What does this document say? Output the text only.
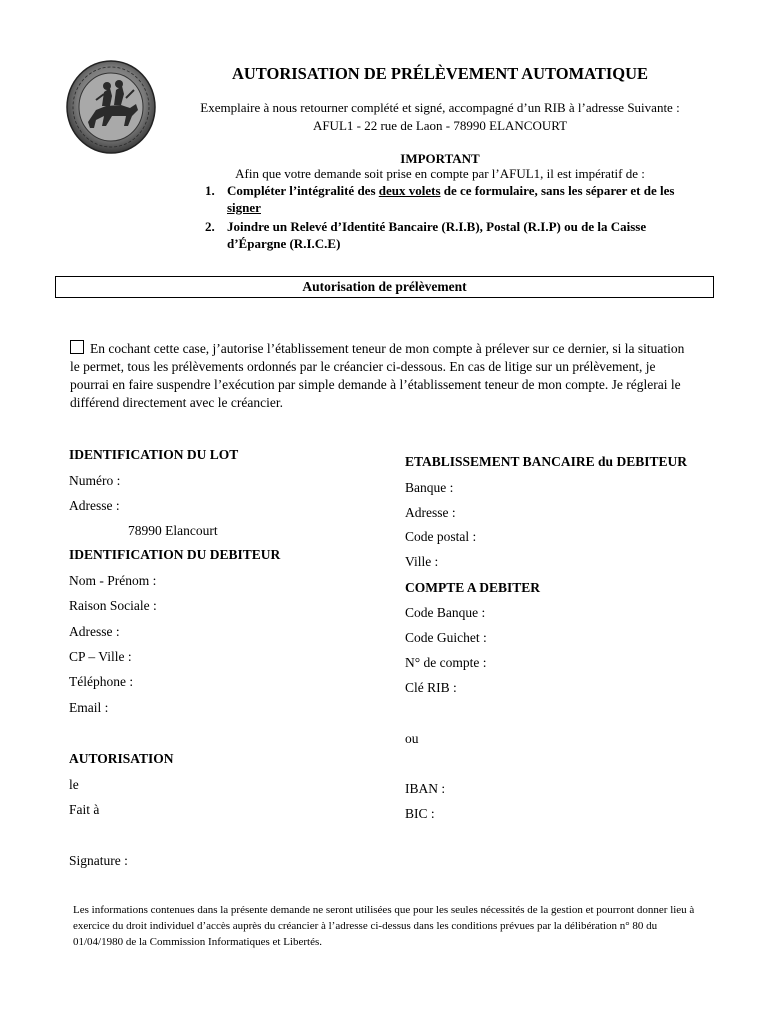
AUTORISATION DE PRÉLÈVEMENT AUTOMATIQUE
Exemplaire à nous retourner complété et signé, accompagné d’un RIB à l’adresse Suivante :
AFUL1 - 22 rue de Laon - 78990 ELANCOURT
IMPORTANT
Afin que votre demande soit prise en compte par l’AFUL1, il est impératif de :
1. Compléter l’intégralité des deux volets de ce formulaire, sans les séparer et de les signer
2. Joindre un Relevé d’Identité Bancaire (R.I.B), Postal (R.I.P) ou de la Caisse d’Épargne (R.I.C.E)
Autorisation de prélèvement
En cochant cette case, j’autorise l’établissement teneur de mon compte à prélever sur ce dernier, si la situation le permet, tous les prélèvements ordonnés par le créancier ci-dessous. En cas de litige sur un prélèvement, je pourrai en faire suspendre l’exécution par simple demande à l’établissement teneur de mon compte. Je réglerai le différend directement avec le créancier.
IDENTIFICATION DU LOT
Numéro :
Adresse :
78990 Elancourt
IDENTIFICATION DU DEBITEUR
Nom - Prénom :
Raison Sociale :
Adresse :
CP – Ville :
Téléphone :
Email :
AUTORISATION
le
Fait à
Signature :
ETABLISSEMENT BANCAIRE du DEBITEUR
Banque :
Adresse :
Code postal :
Ville :
COMPTE A DEBITER
Code Banque :
Code Guichet :
N° de compte :
Clé RIB :
ou
IBAN :
BIC :
Les informations contenues dans la présente demande ne seront utilisées que pour les seules nécessités de la gestion et pourront donner lieu à exercice du droit individuel d’accès auprès du créancier à l’adresse ci-dessus dans les conditions prévues par la délibération n° 80 du 01/04/1980 de la Commission Informatiques et Libertés.
